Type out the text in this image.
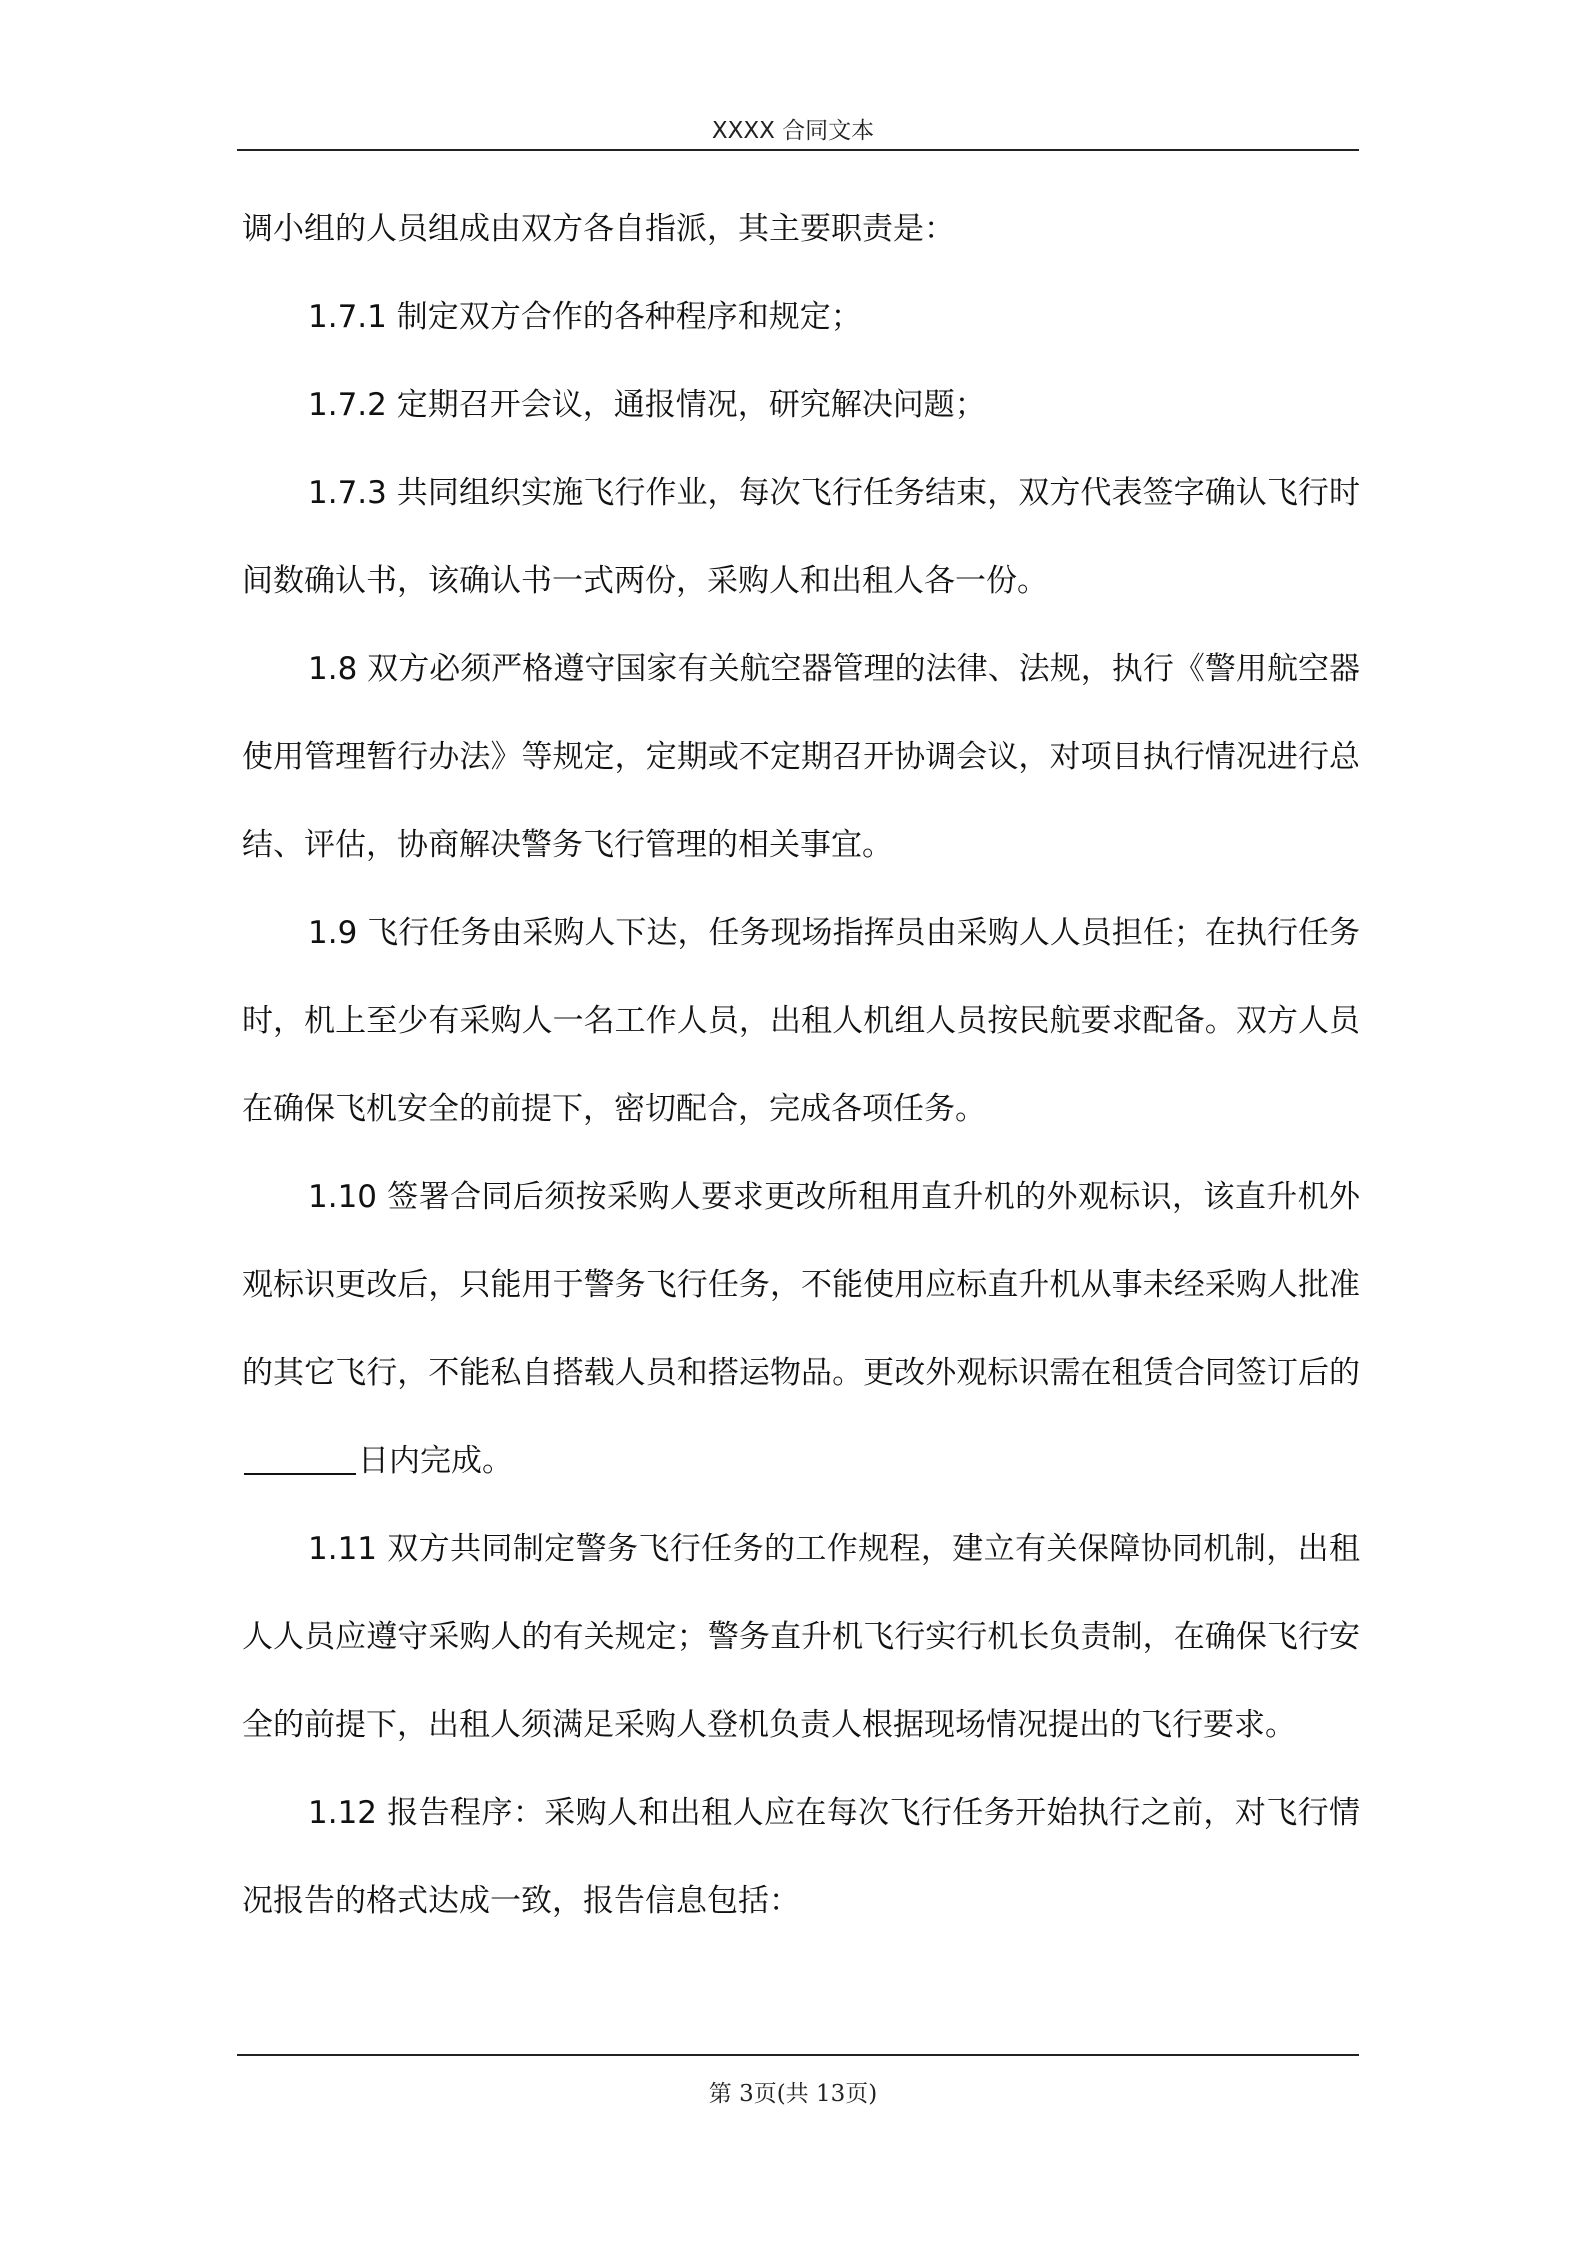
XXXX 合同文本

调小组的人员组成由双方各自指派，其主要职责是：

1.7.1 制定双方合作的各种程序和规定；

1.7.2 定期召开会议，通报情况，研究解决问题；

1.7.3 共同组织实施飞行作业，每次飞行任务结束，双方代表签字确认飞行时间数确认书，该确认书一式两份，采购人和出租人各一份。

1.8 双方必须严格遵守国家有关航空器管理的法律、法规，执行《警用航空器使用管理暂行办法》等规定，定期或不定期召开协调会议，对项目执行情况进行总结、评估，协商解决警务飞行管理的相关事宜。

1.9 飞行任务由采购人下达，任务现场指挥员由采购人人员担任；在执行任务时，机上至少有采购人一名工作人员，出租人机组人员按民航要求配备。双方人员在确保飞机安全的前提下，密切配合，完成各项任务。

1.10 签署合同后须按采购人要求更改所租用直升机的外观标识，该直升机外观标识更改后，只能用于警务飞行任务，不能使用应标直升机从事未经采购人批准的其它飞行，不能私自搭载人员和搭运物品。更改外观标识需在租赁合同签订后的日内完成。

1.11 双方共同制定警务飞行任务的工作规程，建立有关保障协同机制，出租人人员应遵守采购人的有关规定；警务直升机飞行实行机长负责制，在确保飞行安全的前提下，出租人须满足采购人登机负责人根据现场情况提出的飞行要求。

1.12 报告程序：采购人和出租人应在每次飞行任务开始执行之前，对飞行情况报告的格式达成一致，报告信息包括：

第 3页(共 13页)
